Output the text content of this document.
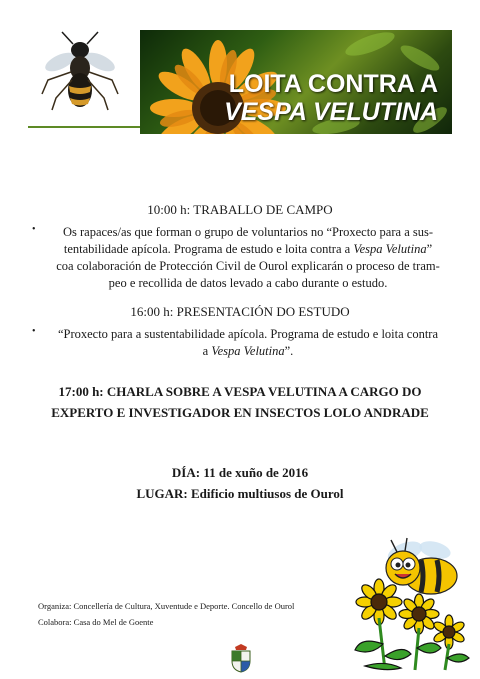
LOITA CONTRA A
VESPA VELUTINA

10:00 h: TRABALLO DE CAMPO

•	Os rapaces/as que forman o grupo de voluntarios no “Proxecto para a sus-
tentabilidade apícola. Programa de estudo e loita contra a Vespa Velutina”
coa colaboración de Protección Civil de Ourol explicarán o proceso de tram-
peo e recollida de datos levado a cabo durante o estudo.

16:00 h: PRESENTACIÓN DO ESTUDO

•	“Proxecto para a sustentabilidade apícola. Programa de estudo e loita contra
a Vespa Velutina”.
17:00 h: CHARLA SOBRE A VESPA VELUTINA A CARGO DO
EXPERTO E INVESTIGADOR EN INSECTOS LOLO ANDRADE
DÍA: 11 de xuño de 2016
LUGAR: Edificio multiusos de Ourol
Organiza: Concellería de Cultura, Xuventude e Deporte. Concello de Ourol
Colabora: Casa do Mel de Goente
